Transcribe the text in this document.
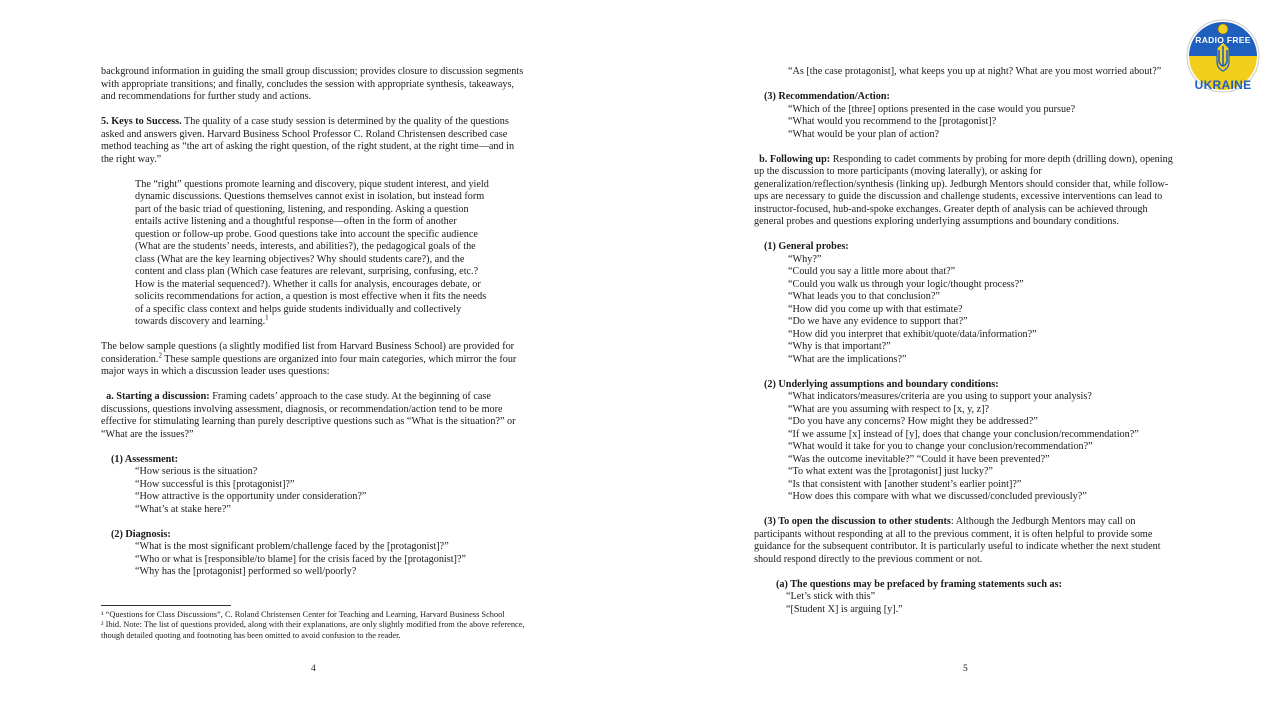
background information in guiding the small group discussion; provides closure to discussion segments with appropriate transitions; and finally, concludes the session with appropriate synthesis, takeaways, and recommendations for further study and actions.

5. Keys to Success. The quality of a case study session is determined by the quality of the questions asked and answers given. Harvard Business School Professor C. Roland Christensen described case method teaching as “the art of asking the right question, of the right student, at the right time—and in the right way.”

The “right” questions promote learning and discovery, pique student interest, and yield dynamic discussions. Questions themselves cannot exist in isolation, but instead form part of the basic triad of questioning, listening, and responding. Asking a question entails active listening and a thoughtful response—often in the form of another question or follow-up probe. Good questions take into account the specific audience (What are the students’ needs, interests, and abilities?), the pedagogical goals of the class (What are the key learning objectives? Why should students care?), and the content and class plan (Which case features are relevant, surprising, confusing, etc.? How is the material sequenced?). Whether it calls for analysis, encourages debate, or solicits recommendations for action, a question is most effective when it fits the needs of a specific class context and helps guide students individually and collectively towards discovery and learning.$^1$

The below sample questions (a slightly modified list from Harvard Business School) are provided for consideration.$^2$ These sample questions are organized into four main categories, which mirror the four major ways in which a discussion leader uses questions:

a. Starting a discussion: Framing cadets’ approach to the case study. At the beginning of case discussions, questions involving assessment, diagnosis, or recommendation/action tend to be more effective for stimulating learning than purely descriptive questions such as “What is the situation?” or “What are the issues?”

(1) Assessment:

“How serious is the situation?

“How successful is this [protagonist]?”

“How attractive is the opportunity under consideration?”

“What’s at stake here?”

(2) Diagnosis:

“What is the most significant problem/challenge faced by the [protagonist]?”

“Who or what is [responsible/to blame] for the crisis faced by the [protagonist]?”

“Why has the [protagonist] performed so well/poorly?

¹ “Questions for Class Discussions”, C. Roland Christensen Center for Teaching and Learning, Harvard Business School

² Ibid. Note: The list of questions provided, along with their explanations, are only slightly modified from the above reference, though detailed quoting and footnoting has been omitted to avoid confusion to the reader.

4

“As [the case protagonist], what keeps you up at night? What are you most worried about?”

(3) Recommendation/Action:

“Which of the [three] options presented in the case would you pursue?

“What would you recommend to the [protagonist]?

“What would be your plan of action?

b. Following up: Responding to cadet comments by probing for more depth (drilling down), opening up the discussion to more participants (moving laterally), or asking for generalization/reflection/synthesis (linking up). Jedburgh Mentors should consider that, while follow-ups are necessary to guide the discussion and challenge students, excessive interventions can lead to instructor-focused, hub-and-spoke exchanges. Greater depth of analysis can be achieved through general probes and questions exploring underlying assumptions and boundary conditions.

(1) General probes:

“Why?”

“Could you say a little more about that?”

“Could you walk us through your logic/thought process?”

“What leads you to that conclusion?”

“How did you come up with that estimate?

“Do we have any evidence to support that?”

“How did you interpret that exhibit/quote/data/information?”

“Why is that important?”

“What are the implications?”

(2) Underlying assumptions and boundary conditions:

“What indicators/measures/criteria are you using to support your analysis?

“What are you assuming with respect to [x, y, z]?

“Do you have any concerns? How might they be addressed?”

“If we assume [x] instead of [y], does that change your conclusion/recommendation?”

“What would it take for you to change your conclusion/recommendation?”

“Was the outcome inevitable?” “Could it have been prevented?”

“To what extent was the [protagonist] just lucky?”

“Is that consistent with [another student’s earlier point]?”

“How does this compare with what we discussed/concluded previously?”

(3) To open the discussion to other students: Although the Jedburgh Mentors may call on participants without responding at all to the previous comment, it is often helpful to provide some guidance for the subsequent contributor. It is particularly useful to indicate whether the next student should respond directly to the previous comment or not.

(a) The questions may be prefaced by framing statements such as:

“Let’s stick with this”

“[Student X] is arguing [y].”

5
RADIO FREE
UKRAINE
